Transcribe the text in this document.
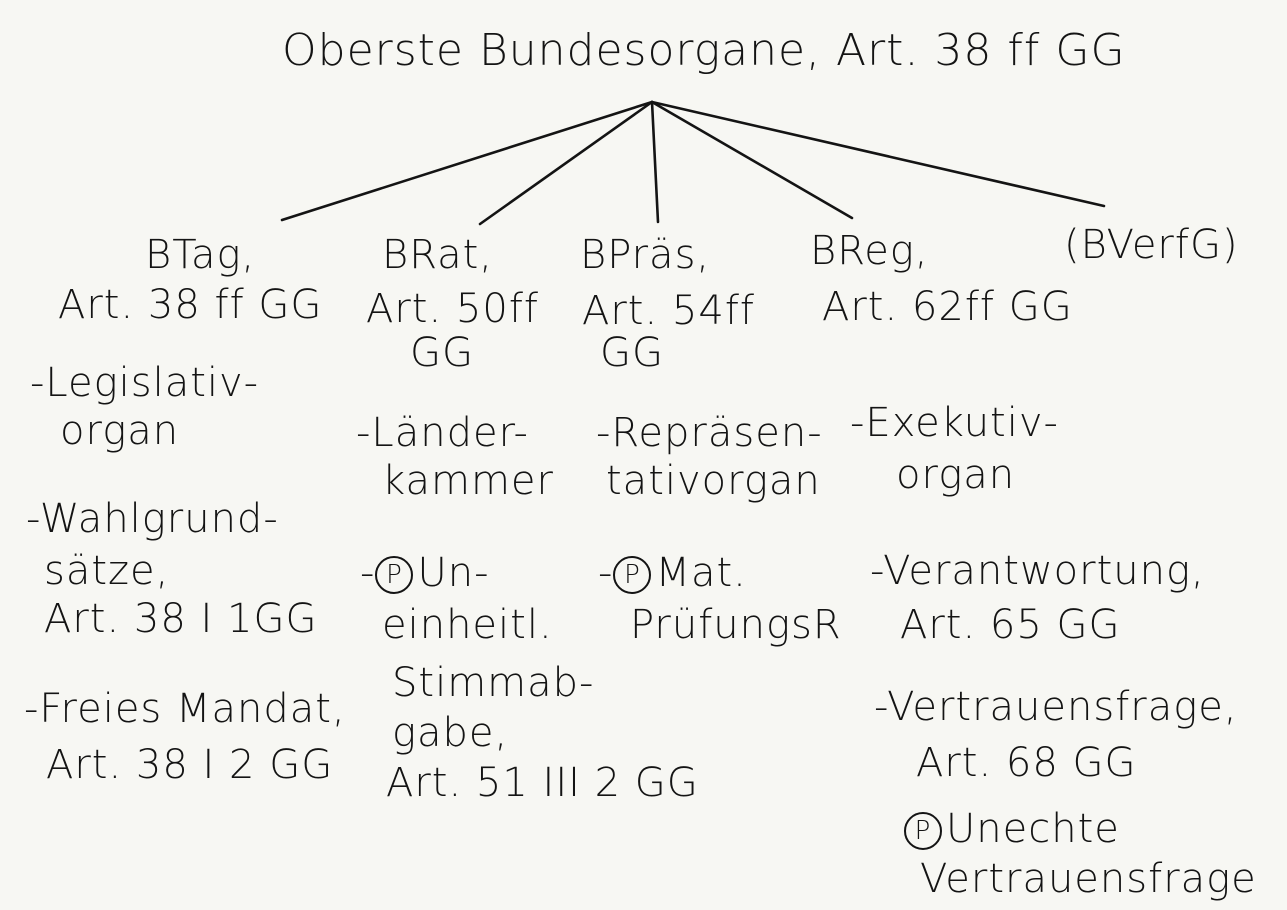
Oberste Bundesorgane, Art. 38 ff GG
BTag,
Art. 38 ff GG
-Legislativ-
organ
-Wahlgrund-
sätze,
Art. 38 I 1GG
-Freies Mandat,
Art. 38 I 2 GG
BRat,
Art. 50ff
GG
-Länder-
kammer
- P Un-
einheitl.
Stimmab-
gabe,
Art. 51 III 2 GG
BPräs,
Art. 54ff
GG
-Repräsen-
tativorgan
- P Mat.
PrüfungsR
BReg,
Art. 62ff GG
-Exekutiv-
organ
-Verantwortung,
Art. 65 GG
-Vertrauensfrage,
Art. 68 GG
P Unechte
Vertrauensfrage
(BVerfG)
